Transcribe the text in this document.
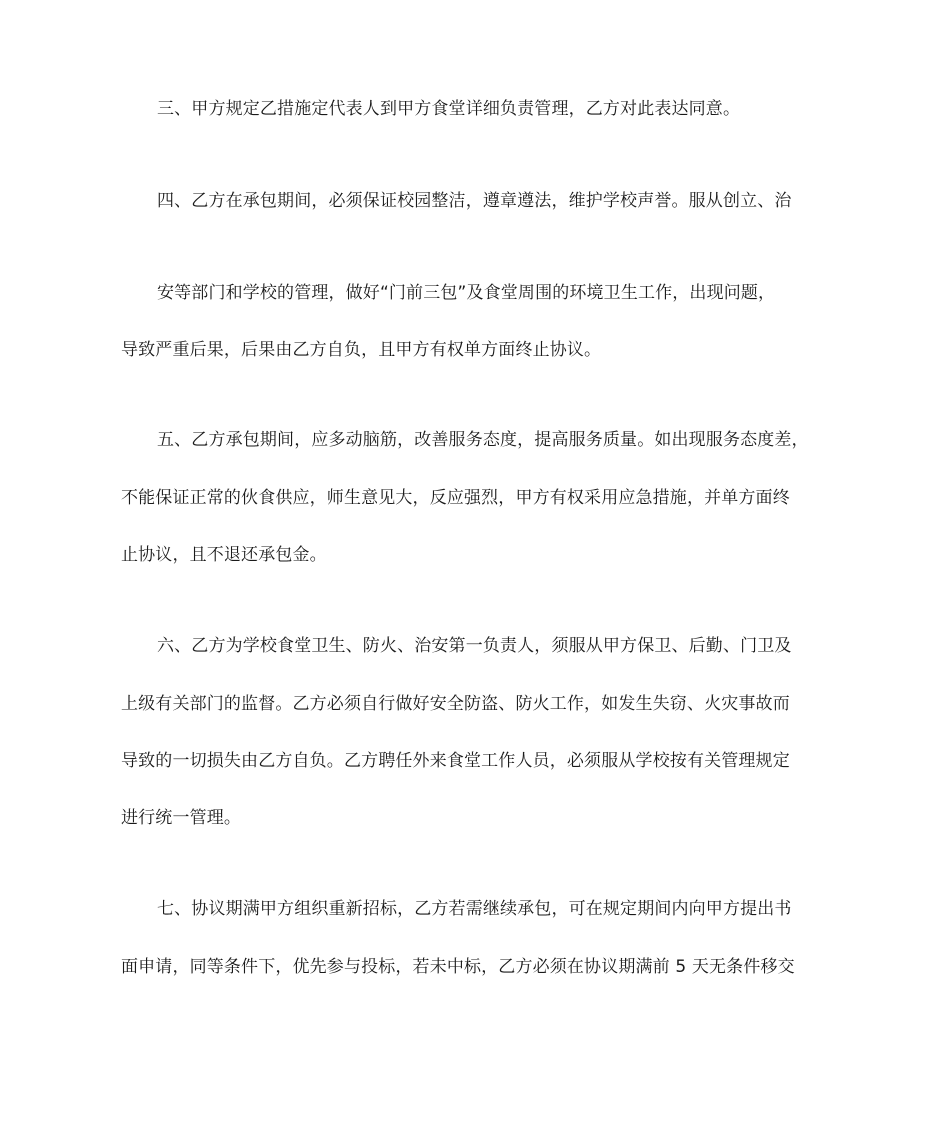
三、甲方规定乙措施定代表人到甲方食堂详细负责管理，乙方对此表达同意。
四、乙方在承包期间，必须保证校园整洁，遵章遵法，维护学校声誉。服从创立、治
安等部门和学校的管理，做好“门前三包”及食堂周围的环境卫生工作，出现问题，
导致严重后果，后果由乙方自负，且甲方有权单方面终止协议。
五、乙方承包期间，应多动脑筋，改善服务态度，提高服务质量。如出现服务态度差，
不能保证正常的伙食供应，师生意见大，反应强烈，甲方有权采用应急措施，并单方面终
止协议，且不退还承包金。
六、乙方为学校食堂卫生、防火、治安第一负责人，须服从甲方保卫、后勤、门卫及
上级有关部门的监督。乙方必须自行做好安全防盗、防火工作，如发生失窃、火灾事故而
导致的一切损失由乙方自负。乙方聘任外来食堂工作人员，必须服从学校按有关管理规定
进行统一管理。
七、协议期满甲方组织重新招标，乙方若需继续承包，可在规定期间内向甲方提出书
面申请，同等条件下，优先参与投标，若未中标，乙方必须在协议期满前 5 天无条件移交
